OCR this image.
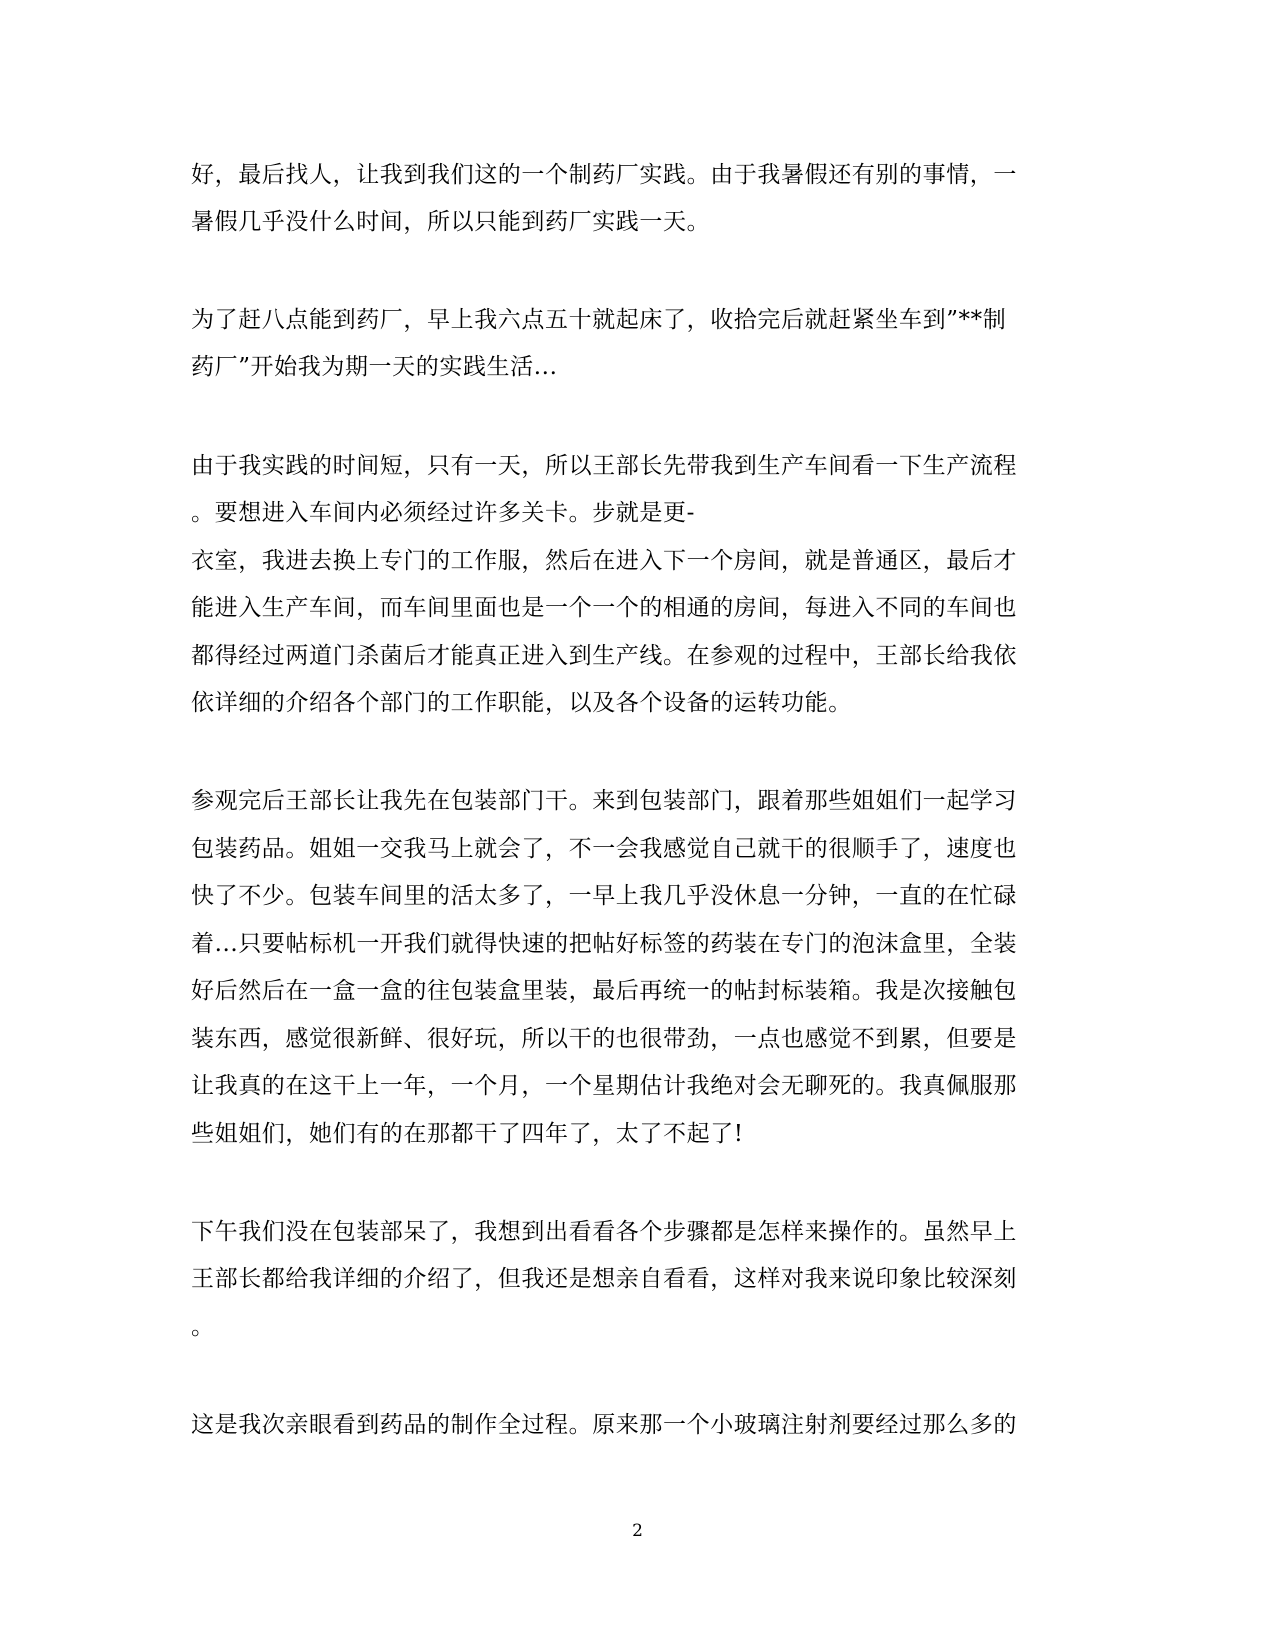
好，最后找人，让我到我们这的一个制药厂实践。由于我暑假还有别的事情，一
暑假几乎没什么时间，所以只能到药厂实践一天。
为了赶八点能到药厂，早上我六点五十就起床了，收拾完后就赶紧坐车到”**制
药厂”开始我为期一天的实践生活...
由于我实践的时间短，只有一天，所以王部长先带我到生产车间看一下生产流程
。要想进入车间内必须经过许多关卡。步就是更-
衣室，我进去换上专门的工作服，然后在进入下一个房间，就是普通区，最后才
能进入生产车间，而车间里面也是一个一个的相通的房间，每进入不同的车间也
都得经过两道门杀菌后才能真正进入到生产线。在参观的过程中，王部长给我依
依详细的介绍各个部门的工作职能，以及各个设备的运转功能。
参观完后王部长让我先在包装部门干。来到包装部门，跟着那些姐姐们一起学习
包装药品。姐姐一交我马上就会了，不一会我感觉自己就干的很顺手了，速度也
快了不少。包装车间里的活太多了，一早上我几乎没休息一分钟，一直的在忙碌
着...只要帖标机一开我们就得快速的把帖好标签的药装在专门的泡沫盒里，全装
好后然后在一盒一盒的往包装盒里装，最后再统一的帖封标装箱。我是次接触包
装东西，感觉很新鲜、很好玩，所以干的也很带劲，一点也感觉不到累，但要是
让我真的在这干上一年，一个月，一个星期估计我绝对会无聊死的。我真佩服那
些姐姐们，她们有的在那都干了四年了，太了不起了!
下午我们没在包装部呆了，我想到出看看各个步骤都是怎样来操作的。虽然早上
王部长都给我详细的介绍了，但我还是想亲自看看，这样对我来说印象比较深刻
。
这是我次亲眼看到药品的制作全过程。原来那一个小玻璃注射剂要经过那么多的
2
